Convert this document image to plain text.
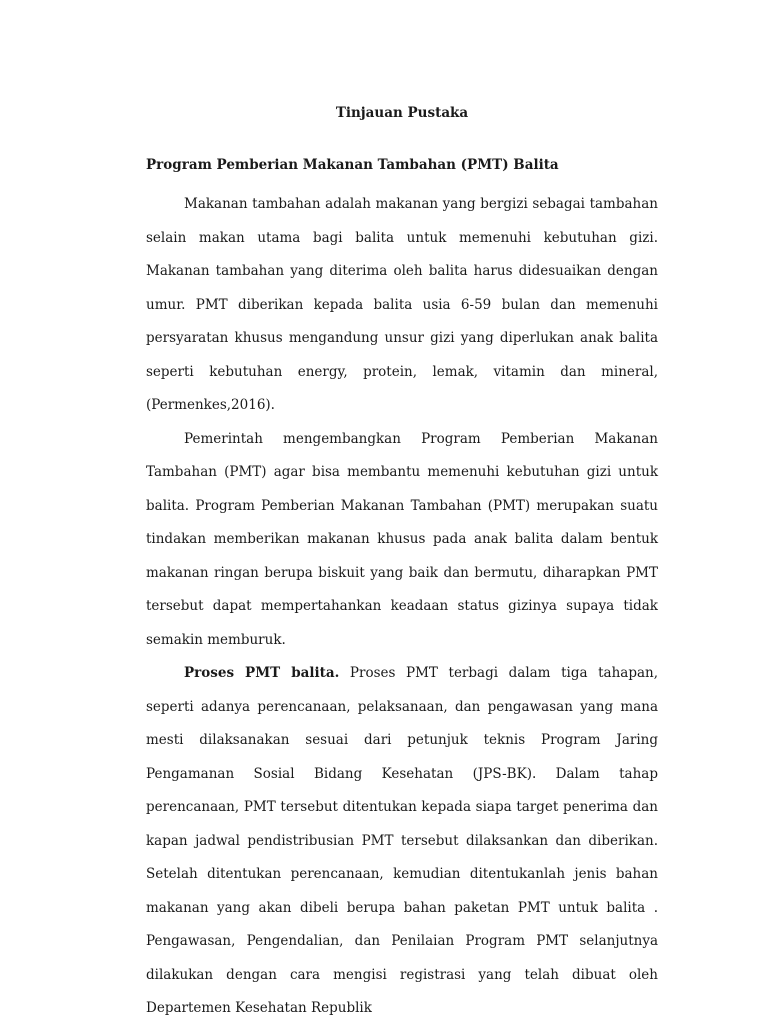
Tinjauan Pustaka
Program Pemberian Makanan Tambahan (PMT) Balita

Makanan tambahan adalah makanan yang bergizi sebagai tambahan selain makan utama bagi balita untuk memenuhi kebutuhan gizi. Makanan tambahan yang diterima oleh balita harus didesuaikan dengan umur. PMT diberikan kepada balita usia 6-59 bulan dan memenuhi persyaratan khusus mengandung unsur gizi yang diperlukan anak balita seperti kebutuhan energy, protein, lemak, vitamin dan mineral, (Permenkes,2016).

Pemerintah mengembangkan Program Pemberian Makanan Tambahan (PMT) agar bisa membantu memenuhi kebutuhan gizi untuk balita. Program Pemberian Makanan Tambahan (PMT) merupakan suatu tindakan memberikan makanan khusus pada anak balita dalam bentuk makanan ringan berupa biskuit yang baik dan bermutu, diharapkan PMT tersebut dapat mempertahankan keadaan status gizinya supaya tidak semakin memburuk.

Proses PMT balita. Proses PMT terbagi dalam tiga tahapan, seperti adanya perencanaan, pelaksanaan, dan pengawasan yang mana mesti dilaksanakan sesuai dari petunjuk teknis Program Jaring Pengamanan Sosial Bidang Kesehatan (JPS-BK). Dalam tahap perencanaan, PMT tersebut ditentukan kepada siapa target penerima dan kapan jadwal pendistribusian PMT tersebut dilaksankan dan diberikan. Setelah ditentukan perencanaan, kemudian ditentukanlah jenis bahan makanan yang akan dibeli berupa bahan paketan PMT untuk balita . Pengawasan, Pengendalian, dan Penilaian Program PMT selanjutnya dilakukan dengan cara mengisi registrasi yang telah dibuat oleh Departemen Kesehatan Republik
